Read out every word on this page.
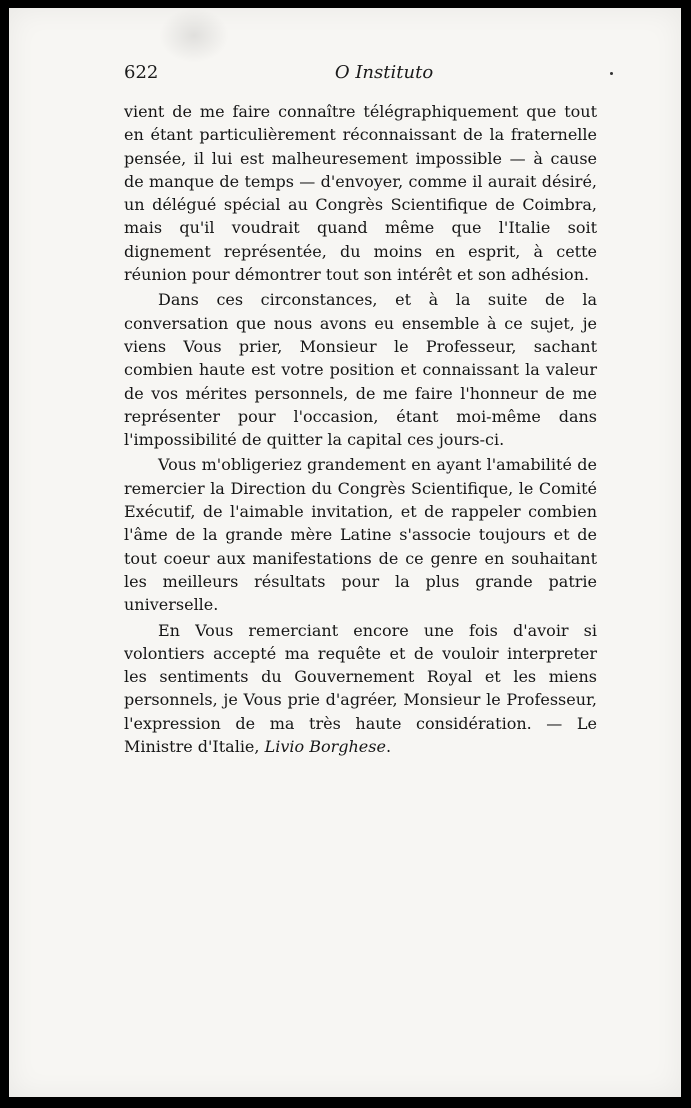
622	O Instituto

vient de me faire connaître télégraphiquement que tout en étant particulièrement réconnaissant de la fraternelle pensée, il lui est malheuresement impossible — à cause de manque de temps — d'envoyer, comme il aurait désiré, un délégué spécial au Congrès Scientifique de Coimbra, mais qu'il voudrait quand même que l'Italie soit dignement représentée, du moins en esprit, à cette réunion pour démontrer tout son intérêt et son adhésion.

Dans ces circonstances, et à la suite de la conversation que nous avons eu ensemble à ce sujet, je viens Vous prier, Monsieur le Professeur, sachant combien haute est votre position et connaissant la valeur de vos mérites personnels, de me faire l'honneur de me représenter pour l'occasion, étant moi-même dans l'impossibilité de quitter la capital ces jours-ci.

Vous m'obligeriez grandement en ayant l'amabilité de remercier la Direction du Congrès Scientifique, le Comité Exécutif, de l'aimable invitation, et de rappeler combien l'âme de la grande mère Latine s'associe toujours et de tout coeur aux manifestations de ce genre en souhaitant les meilleurs résultats pour la plus grande patrie universelle.

En Vous remerciant encore une fois d'avoir si volontiers accepté ma requête et de vouloir interpreter les sentiments du Gouvernement Royal et les miens personnels, je Vous prie d'agréer, Monsieur le Professeur, l'expression de ma très haute considération. — Le Ministre d'Italie, Livio Borghese.
